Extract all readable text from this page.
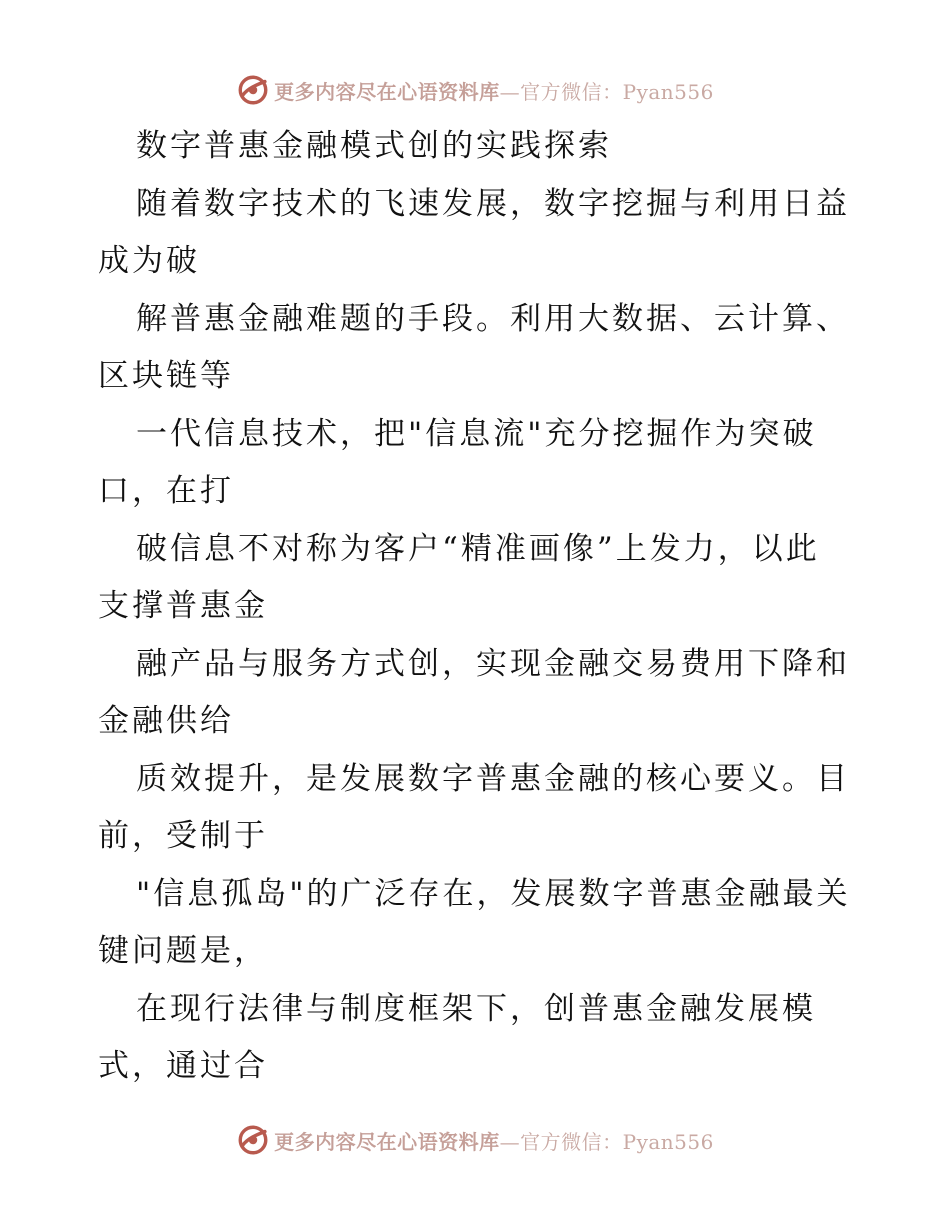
更多内容尽在心语资料库—官方微信：Pyan556
数字普惠金融模式创的实践探索
随着数字技术的飞速发展，数字挖掘与利用日益
成为破
解普惠金融难题的手段。利用大数据、云计算、
区块链等
一代信息技术，把"信息流"充分挖掘作为突破
口，在打
破信息不对称为客户“精准画像”上发力，以此
支撑普惠金
融产品与服务方式创，实现金融交易费用下降和
金融供给
质效提升，是发展数字普惠金融的核心要义。目
前，受制于
"信息孤岛"的广泛存在，发展数字普惠金融最关
键问题是，
在现行法律与制度框架下，创普惠金融发展模
式，通过合
更多内容尽在心语资料库—官方微信：Pyan556
